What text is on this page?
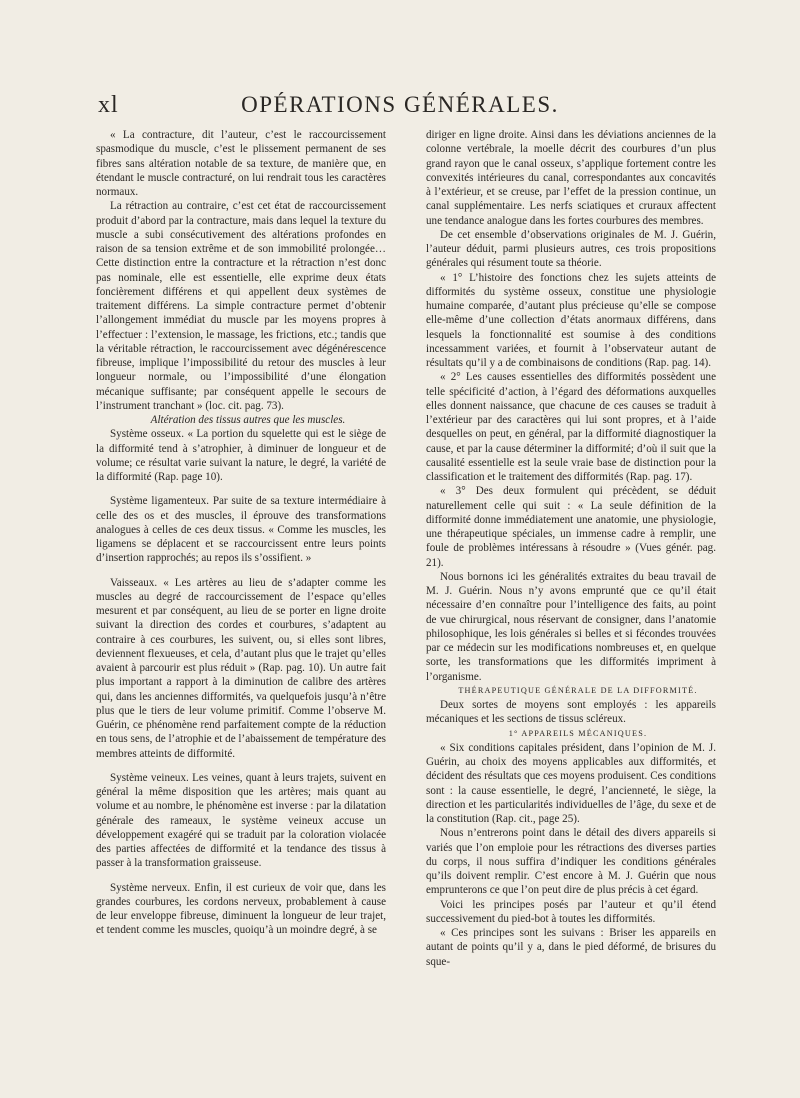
xl	OPÉRATIONS GÉNÉRALES.

« La contracture, dit l’auteur, c’est le raccourcissement spasmodique du muscle, c’est le plissement permanent de ses fibres sans altération notable de sa texture, de manière que, en étendant le muscle contracturé, on lui rendrait tous les caractères normaux.

La rétraction au contraire, c’est cet état de raccourcissement produit d’abord par la contracture, mais dans lequel la texture du muscle a subi consécutivement des altérations profondes en raison de sa tension extrême et de son immobilité prolongée… Cette distinction entre la contracture et la rétraction n’est donc pas nominale, elle est essentielle, elle exprime deux états foncièrement différens et qui appellent deux systèmes de traitement différens. La simple contracture permet d’obtenir l’allongement immédiat du muscle par les moyens propres à l’effectuer : l’extension, le massage, les frictions, etc.; tandis que la véritable rétraction, le raccourcissement avec dégénérescence fibreuse, implique l’impossibilité du retour des muscles à leur longueur normale, ou l’impossibilité d’une élongation mécanique suffisante; par conséquent appelle le secours de l’instrument tranchant » (loc. cit. pag. 73).

Altération des tissus autres que les muscles.

Système osseux. « La portion du squelette qui est le siège de la difformité tend à s’atrophier, à diminuer de longueur et de volume; ce résultat varie suivant la nature, le degré, la variété de la difformité (Rap. page 10).

Système ligamenteux. Par suite de sa texture intermédiaire à celle des os et des muscles, il éprouve des transformations analogues à celles de ces deux tissus. « Comme les muscles, les ligamens se déplacent et se raccourcissent entre leurs points d’insertion rapprochés; au repos ils s’ossifient. »

Vaisseaux. « Les artères au lieu de s’adapter comme les muscles au degré de raccourcissement de l’espace qu’elles mesurent et par conséquent, au lieu de se porter en ligne droite suivant la direction des cordes et courbures, s’adaptent au contraire à ces courbures, les suivent, ou, si elles sont libres, deviennent flexueuses, et cela, d’autant plus que le trajet qu’elles avaient à parcourir est plus réduit » (Rap. pag. 10). Un autre fait plus important a rapport à la diminution de calibre des artères qui, dans les anciennes difformités, va quelquefois jusqu’à n’être plus que le tiers de leur volume primitif. Comme l’observe M. Guérin, ce phénomène rend parfaitement compte de la réduction en tous sens, de l’atrophie et de l’abaissement de température des membres atteints de difformité.

Système veineux. Les veines, quant à leurs trajets, suivent en général la même disposition que les artères; mais quant au volume et au nombre, le phénomène est inverse : par la dilatation générale des rameaux, le système veineux accuse un développement exagéré qui se traduit par la coloration violacée des parties affectées de difformité et la tendance des tissus à passer à la transformation graisseuse.

Système nerveux. Enfin, il est curieux de voir que, dans les grandes courbures, les cordons nerveux, probablement à cause de leur enveloppe fibreuse, diminuent la longueur de leur trajet, et tendent comme les muscles, quoiqu’à un moindre degré, à se

diriger en ligne droite. Ainsi dans les déviations anciennes de la colonne vertébrale, la moelle décrit des courbures d’un plus grand rayon que le canal osseux, s’applique fortement contre les convexités intérieures du canal, correspondantes aux concavités à l’extérieur, et se creuse, par l’effet de la pression continue, un canal supplémentaire. Les nerfs sciatiques et cruraux affectent une tendance analogue dans les fortes courbures des membres.

De cet ensemble d’observations originales de M. J. Guérin, l’auteur déduit, parmi plusieurs autres, ces trois propositions générales qui résument toute sa théorie.

« 1° L’histoire des fonctions chez les sujets atteints de difformités du système osseux, constitue une physiologie humaine comparée, d’autant plus précieuse qu’elle se compose elle-même d’une collection d’états anormaux différens, dans lesquels la fonctionnalité est soumise à des conditions incessamment variées, et fournit à l’observateur autant de résultats qu’il y a de combinaisons de conditions (Rap. pag. 14).

« 2° Les causes essentielles des difformités possèdent une telle spécificité d’action, à l’égard des déformations auxquelles elles donnent naissance, que chacune de ces causes se traduit à l’extérieur par des caractères qui lui sont propres, et à l’aide desquelles on peut, en général, par la difformité diagnostiquer la cause, et par la cause déterminer la difformité; d’où il suit que la causalité essentielle est la seule vraie base de distinction pour la classification et le traitement des difformités (Rap. pag. 17).

« 3° Des deux formulent qui précèdent, se déduit naturellement celle qui suit : « La seule définition de la difformité donne immédiatement une anatomie, une physiologie, une thérapeutique spéciales, un immense cadre à remplir, une foule de problèmes intéressans à résoudre » (Vues génér. pag. 21).

Nous bornons ici les généralités extraites du beau travail de M. J. Guérin. Nous n’y avons emprunté que ce qu’il était nécessaire d’en connaître pour l’intelligence des faits, au point de vue chirurgical, nous réservant de consigner, dans l’anatomie philosophique, les lois générales si belles et si fécondes trouvées par ce médecin sur les modifications nombreuses et, en quelque sorte, les transformations que les difformités impriment à l’organisme.

THÉRAPEUTIQUE GÉNÉRALE DE LA DIFFORMITÉ.

Deux sortes de moyens sont employés : les appareils mécaniques et les sections de tissus scléreux.

1° APPAREILS MÉCANIQUES.

« Six conditions capitales président, dans l’opinion de M. J. Guérin, au choix des moyens applicables aux difformités, et décident des résultats que ces moyens produisent. Ces conditions sont : la cause essentielle, le degré, l’ancienneté, le siège, la direction et les particularités individuelles de l’âge, du sexe et de la constitution (Rap. cit., page 25).

Nous n’entrerons point dans le détail des divers appareils si variés que l’on emploie pour les rétractions des diverses parties du corps, il nous suffira d’indiquer les conditions générales qu’ils doivent remplir. C’est encore à M. J. Guérin que nous emprunterons ce que l’on peut dire de plus précis à cet égard.

Voici les principes posés par l’auteur et qu’il étend successivement du pied-bot à toutes les difformités.

« Ces principes sont les suivans : Briser les appareils en autant de points qu’il y a, dans le pied déformé, de brisures du sque-
